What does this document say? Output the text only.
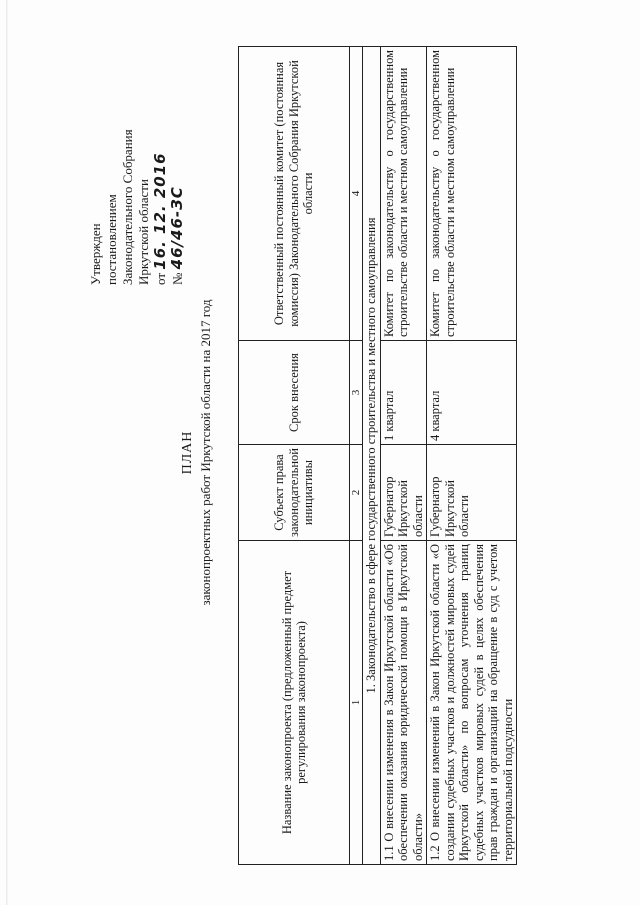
Утвержден постановлением Законодательного Собрания Иркутской области от 16. 12. 2016
№ 46/46-ЗС
ПЛАН законопроектных работ Иркутской области на 2017 год
Название законопроекта (предложенный предмет регулирования законопроекта)	Субъект права законодательной инициативы	Срок внесения	Ответственный постоянный комитет (постоянная комиссия) Законодательного Собрания Иркутской области
1	2	3	4
1. Законодательство в сфере государственного строительства и местного самоуправления			
1.1 О внесении изменения в Закон Иркутской области «Об обеспечении оказания юридической помощи в Иркутской области»	Губернатор Иркутской области	1 квартал	Комитет по законодательству о государственном строительстве области и местном самоуправлении
1.2 О внесении изменений в Закон Иркутской области «О создании судебных участков и должностей мировых судей Иркутской области» по вопросам уточнения границ судебных участков мировых судей в целях обеспечения прав граждан и организаций на обращение в суд с учетом территориальной подсудности	Губернатор Иркутской области	4 квартал	Комитет по законодательству о государственном строительстве области и местном самоуправлении
